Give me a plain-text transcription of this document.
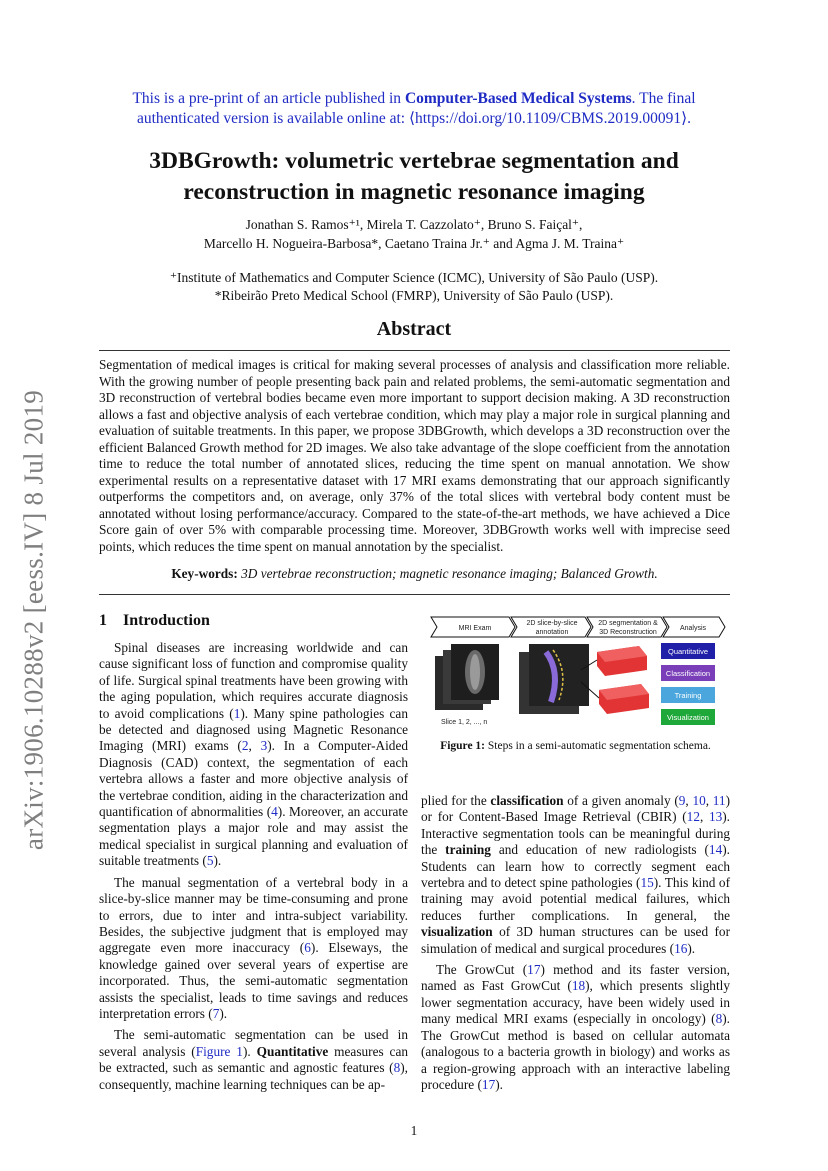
arXiv:1906.10288v2 [eess.IV] 8 Jul 2019
This is a pre-print of an article published in Computer-Based Medical Systems. The final
authenticated version is available online at: ⟨https://doi.org/10.1109/CBMS.2019.00091⟩.
3DBGrowth: volumetric vertebrae segmentation and
reconstruction in magnetic resonance imaging
Jonathan S. Ramos⁺¹, Mirela T. Cazzolato⁺, Bruno S. Faiçal⁺,
Marcello H. Nogueira-Barbosa*, Caetano Traina Jr.⁺ and Agma J. M. Traina⁺
⁺Institute of Mathematics and Computer Science (ICMC), University of São Paulo (USP).
*Ribeirão Preto Medical School (FMRP), University of São Paulo (USP).
Abstract
Segmentation of medical images is critical for making several processes of analysis and classification more reliable. With the growing number of people presenting back pain and related problems, the semi-automatic segmentation and 3D reconstruction of vertebral bodies became even more important to support decision making. A 3D reconstruction allows a fast and objective analysis of each vertebrae condition, which may play a major role in surgical planning and evaluation of suitable treatments. In this paper, we propose 3DBGrowth, which develops a 3D reconstruction over the efficient Balanced Growth method for 2D images. We also take advantage of the slope coefficient from the annotation time to reduce the total number of annotated slices, reducing the time spent on manual annotation. We show experimental results on a representative dataset with 17 MRI exams demonstrating that our approach significantly outperforms the competitors and, on average, only 37% of the total slices with vertebral body content must be annotated without losing performance/accuracy. Compared to the state-of-the-art methods, we have achieved a Dice Score gain of over 5% with comparable processing time. Moreover, 3DBGrowth works well with imprecise seed points, which reduces the time spent on manual annotation by the specialist.
Key-words: 3D vertebrae reconstruction; magnetic resonance imaging; Balanced Growth.
1 Introduction

Spinal diseases are increasing worldwide and can cause significant loss of function and compromise quality of life. Surgical spinal treatments have been growing with the aging population, which requires accurate diagnosis to avoid complications (1). Many spine pathologies can be detected and diagnosed using Magnetic Resonance Imaging (MRI) exams (2, 3). In a Computer-Aided Diagnosis (CAD) context, the segmentation of each vertebra allows a faster and more objective analysis of the vertebrae condition, aiding in the characterization and quantification of abnormalities (4). Moreover, an accurate segmentation plays a major role and may assist the medical specialist in surgical planning and evaluation of suitable treatments (5).

The manual segmentation of a vertebral body in a slice-by-slice manner may be time-consuming and prone to errors, due to inter and intra-subject variability. Besides, the subjective judgment that is employed may aggregate even more inaccuracy (6). Elseways, the knowledge gained over several years of expertise are incorporated. Thus, the semi-automatic segmentation assists the specialist, leads to time savings and reduces interpretation errors (7).

The semi-automatic segmentation can be used in several analysis (Figure 1). Quantitative measures can be extracted, such as semantic and agnostic features (8), consequently, machine learning techniques can be ap-

MRI Exam
2D slice-by-slice
annotation
2D segmentation &
3D Reconstruction
Analysis
Slice 1, 2, ..., n
Quantitative
Classification
Training
Visualization
Figure 1: Steps in a semi-automatic segmentation schema.

plied for the classification of a given anomaly (9, 10, 11) or for Content-Based Image Retrieval (CBIR) (12, 13). Interactive segmentation tools can be meaningful during the training and education of new radiologists (14). Students can learn how to correctly segment each vertebra and to detect spine pathologies (15). This kind of training may avoid potential medical failures, which reduces further complications. In general, the visualization of 3D human structures can be used for simulation of medical and surgical procedures (16).

The GrowCut (17) method and its faster version, named as Fast GrowCut (18), which presents slightly lower segmentation accuracy, have been widely used in many medical MRI exams (especially in oncology) (8). The GrowCut method is based on cellular automata (analogous to a bacteria growth in biology) and works as a region-growing approach with an interactive labeling procedure (17).

1
